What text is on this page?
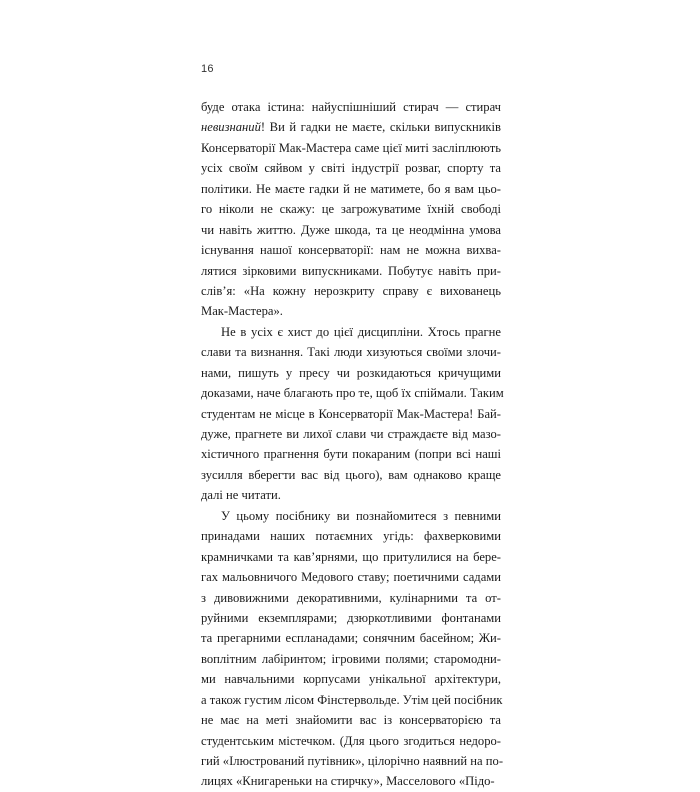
16
буде отака істина: найуспішніший стирач — стирач
невизнаний! Ви й гадки не маєте, скільки випускників
Консерваторії Мак-Мастера саме цієї миті засліплюють
усіх своїм сяйвом у світі індустрії розваг, спорту та
політики. Не маєте гадки й не матимете, бо я вам цьо-
го ніколи не скажу: це загрожуватиме їхній свободі
чи навіть життю. Дуже шкода, та це неодмінна умова
існування нашої консерваторії: нам не можна вихва-
лятися зірковими випускниками. Побутує навіть при-
слів’я: «На кожну нерозкриту справу є вихованець
Мак-Мастера».
Не в усіх є хист до цієї дисципліни. Хтось прагне
слави та визнання. Такі люди хизуються своїми злочи-
нами, пишуть у пресу чи розкидаються кричущими
доказами, наче благають про те, щоб їх спіймали. Таким
студентам не місце в Консерваторії Мак-Мастера! Бай-
дуже, прагнете ви лихої слави чи страждаєте від мазо-
хістичного прагнення бути покараним (попри всі наші
зусилля вберегти вас від цього), вам однаково краще
далі не читати.
У цьому посібнику ви познайомитеся з певними
принадами наших потаємних угідь: фахверковими
крамничками та кав’ярнями, що притулилися на бере-
гах мальовничого Медового ставу; поетичними садами
з дивовижними декоративними, кулінарними та от-
руйними екземплярами; дзюркотливими фонтанами
та прегарними еспланадами; сонячним басейном; Жи-
воплітним лабіринтом; ігровими полями; старомодни-
ми навчальними корпусами унікальної архітектури,
а також густим лісом Фінстервольде. Утім цей посібник
не має на меті знайомити вас із консерваторією та
студентським містечком. (Для цього згодиться недоро-
гий «Ілюстрований путівник», цілорічно наявний на по-
лицях «Книгареньки на стирчку», Масселового «Підо-
